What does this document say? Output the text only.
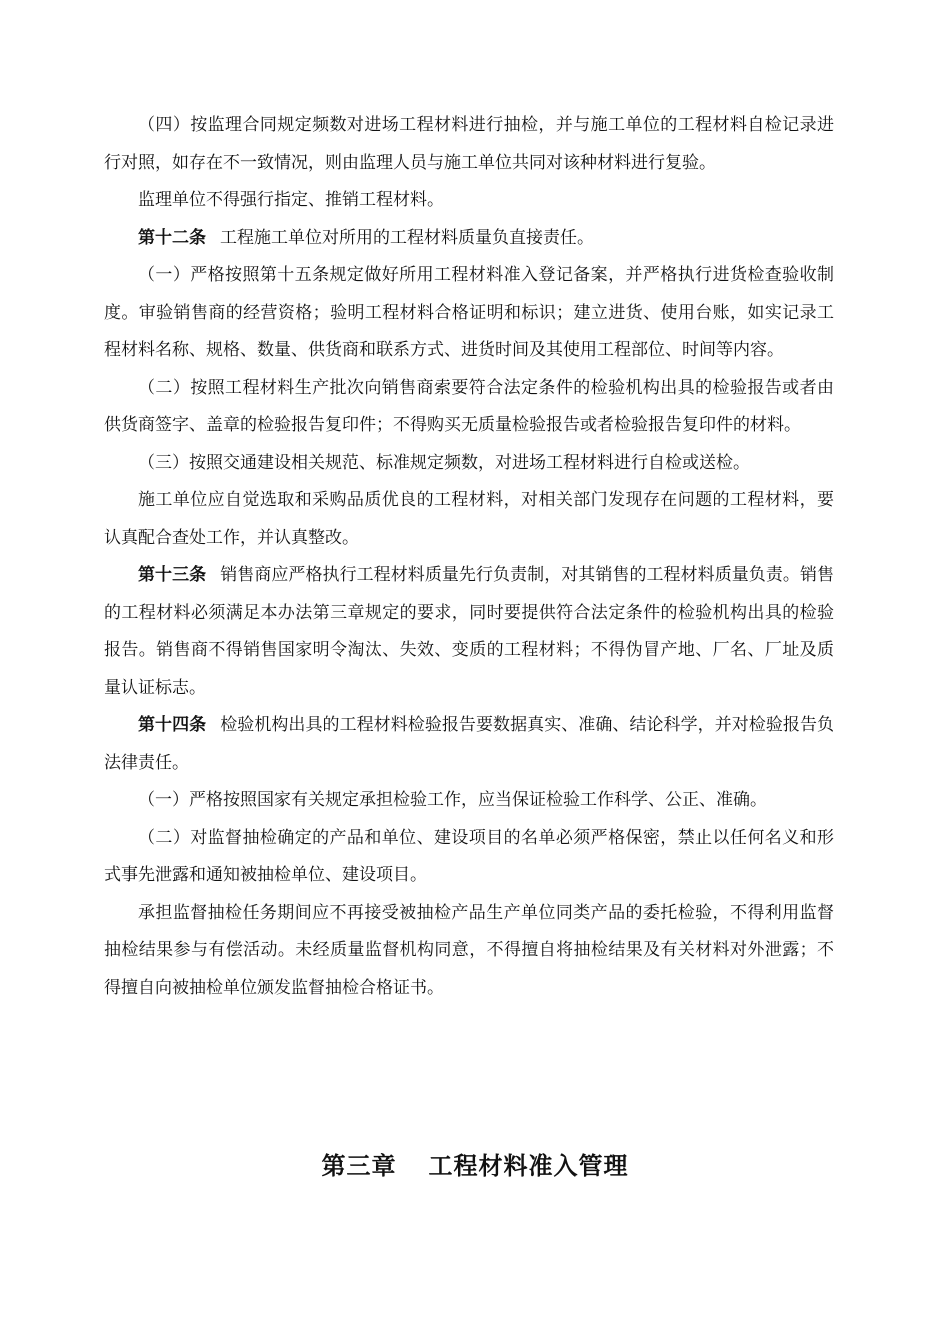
（四）按监理合同规定频数对进场工程材料进行抽检，并与施工单位的工程材料自检记录进行对照，如存在不一致情况，则由监理人员与施工单位共同对该种材料进行复验。

监理单位不得强行指定、推销工程材料。

第十二条 工程施工单位对所用的工程材料质量负直接责任。

（一）严格按照第十五条规定做好所用工程材料准入登记备案，并严格执行进货检查验收制度。审验销售商的经营资格；验明工程材料合格证明和标识；建立进货、使用台账，如实记录工程材料名称、规格、数量、供货商和联系方式、进货时间及其使用工程部位、时间等内容。

（二）按照工程材料生产批次向销售商索要符合法定条件的检验机构出具的检验报告或者由供货商签字、盖章的检验报告复印件；不得购买无质量检验报告或者检验报告复印件的材料。

（三）按照交通建设相关规范、标准规定频数，对进场工程材料进行自检或送检。

施工单位应自觉选取和采购品质优良的工程材料，对相关部门发现存在问题的工程材料，要认真配合查处工作，并认真整改。

第十三条 销售商应严格执行工程材料质量先行负责制，对其销售的工程材料质量负责。销售的工程材料必须满足本办法第三章规定的要求，同时要提供符合法定条件的检验机构出具的检验报告。销售商不得销售国家明令淘汰、失效、变质的工程材料；不得伪冒产地、厂名、厂址及质量认证标志。

第十四条 检验机构出具的工程材料检验报告要数据真实、准确、结论科学，并对检验报告负法律责任。

（一）严格按照国家有关规定承担检验工作，应当保证检验工作科学、公正、准确。

（二）对监督抽检确定的产品和单位、建设项目的名单必须严格保密，禁止以任何名义和形式事先泄露和通知被抽检单位、建设项目。

承担监督抽检任务期间应不再接受被抽检产品生产单位同类产品的委托检验，不得利用监督抽检结果参与有偿活动。未经质量监督机构同意，不得擅自将抽检结果及有关材料对外泄露；不得擅自向被抽检单位颁发监督抽检合格证书。

第三章 工程材料准入管理
